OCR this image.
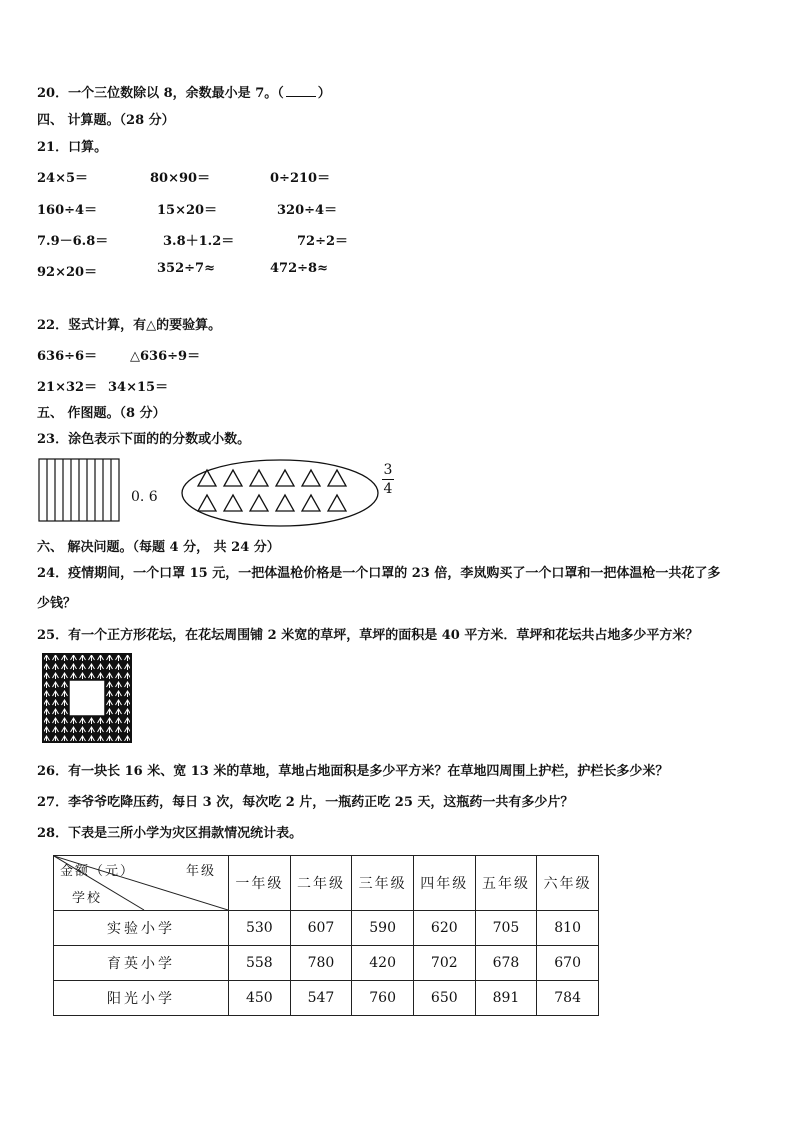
20．一个三位数除以 8，余数最小是 7。（	）
四、 计算题。（28 分）
21．口算。
24×5＝	80×90＝	0÷210＝
160÷4＝	15×20＝	320÷4＝
7.9－6.8＝	3.8＋1.2＝	72÷2＝
92×20＝	352÷7≈	472÷8≈
22．竖式计算，有△的要验算。
636÷6＝	△636÷9＝
21×32＝ 34×15＝
五、 作图题。（8 分）
23．涂色表示下面的的分数或小数。
0. 6
3
4
六、 解决问题。（每题 4 分， 共 24 分）
24．疫情期间，一个口罩 15 元，一把体温枪价格是一个口罩的 23 倍，李岚购买了一个口罩和一把体温枪一共花了多
少钱？
25．有一个正方形花坛，在花坛周围铺 2 米宽的草坪，草坪的面积是 40 平方米．草坪和花坛共占地多少平方米？
26．有一块长 16 米、宽 13 米的草地，草地占地面积是多少平方米？在草地四周围上护栏，护栏长多少米？
27．李爷爷吃降压药，每日 3 次，每次吃 2 片，一瓶药正吃 25 天，这瓶药一共有多少片？
28．下表是三所小学为灾区捐款情况统计表。
金额（元） 年级
学校	一年级	二年级	三年级	四年级	五年级	六年级
实验小学	530	607	590	620	705	810
育英小学	558	780	420	702	678	670
阳光小学	450	547	760	650	891	784
